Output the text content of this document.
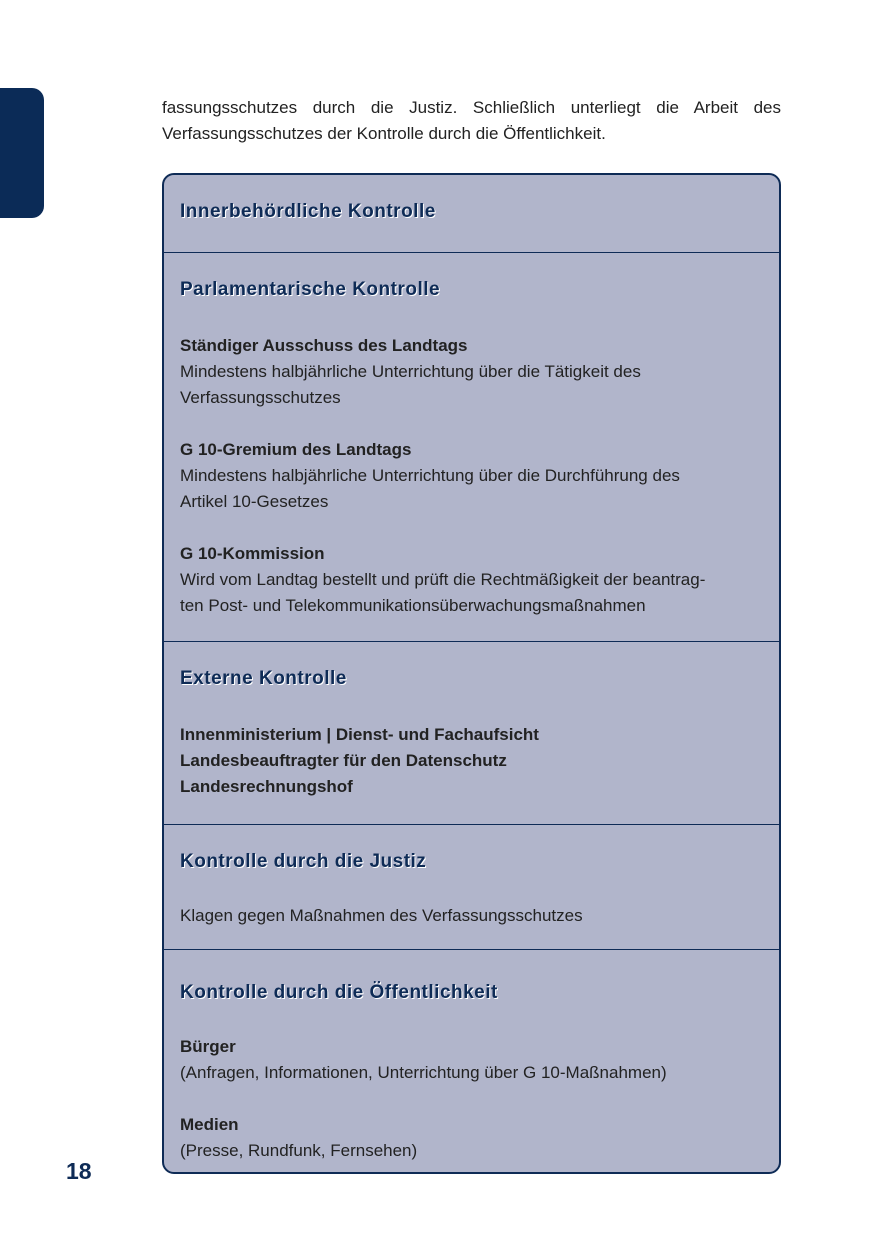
fassungsschutzes durch die Justiz. Schließlich unterliegt die Arbeit des
Verfassungsschutzes der Kontrolle durch die Öffentlichkeit.

Innerbehördliche Kontrolle
Parlamentarische Kontrolle

Ständiger Ausschuss des Landtags
Mindestens halbjährliche Unterrichtung über die Tätigkeit des
Verfassungsschutzes

G 10-Gremium des Landtags
Mindestens halbjährliche Unterrichtung über die Durchführung des
Artikel 10-Gesetzes

G 10-Kommission
Wird vom Landtag bestellt und prüft die Rechtmäßigkeit der beantrag-
ten Post- und Telekommunikationsüberwachungsmaßnahmen

Externe Kontrolle

Innenministerium | Dienst- und Fachaufsicht
Landesbeauftragter für den Datenschutz
Landesrechnungshof

Kontrolle durch die Justiz

Klagen gegen Maßnahmen des Verfassungsschutzes

Kontrolle durch die Öffentlichkeit

Bürger
(Anfragen, Informationen, Unterrichtung über G 10-Maßnahmen)

Medien
(Presse, Rundfunk, Fernsehen)

18
